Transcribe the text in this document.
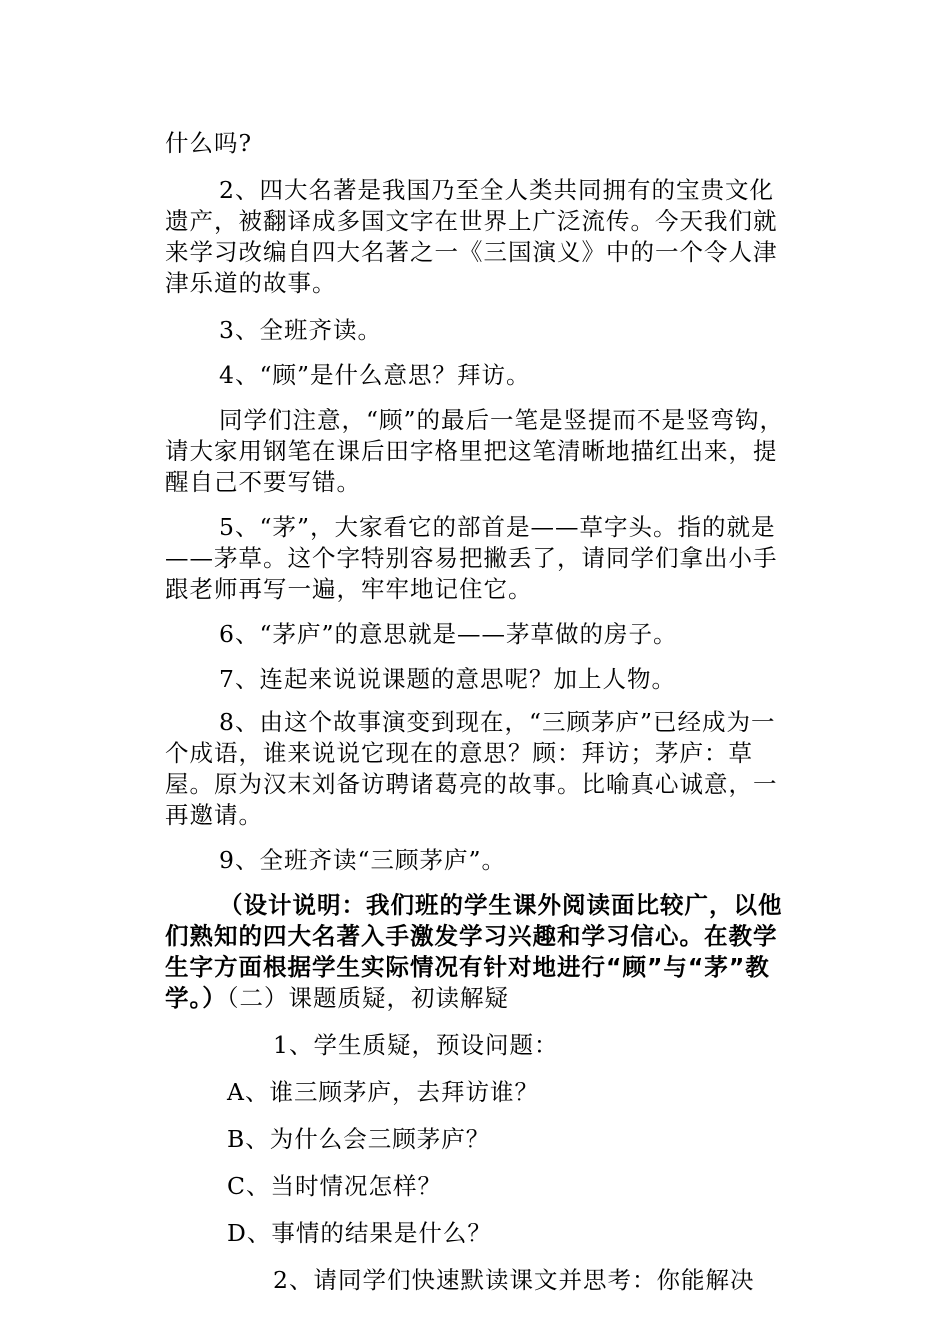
什么吗?

2、四大名著是我国乃至全人类共同拥有的宝贵文化遗产，被翻译成多国文字在世界上广泛流传。今天我们就来学习改编自四大名著之一《三国演义》中的一个令人津津乐道的故事。

3、全班齐读。

4、“顾”是什么意思？拜访。

同学们注意，“顾”的最后一笔是竖提而不是竖弯钩，请大家用钢笔在课后田字格里把这笔清晰地描红出来，提醒自己不要写错。

5、“茅”，大家看它的部首是——草字头。指的就是——茅草。这个字特别容易把撇丢了，请同学们拿出小手跟老师再写一遍，牢牢地记住它。

6、“茅庐”的意思就是——茅草做的房子。

7、连起来说说课题的意思呢？加上人物。

8、由这个故事演变到现在，“三顾茅庐”已经成为一个成语，谁来说说它现在的意思？顾：拜访；茅庐：草屋。原为汉末刘备访聘诸葛亮的故事。比喻真心诚意，一再邀请。

9、全班齐读“三顾茅庐”。

（设计说明：我们班的学生课外阅读面比较广，以他们熟知的四大名著入手激发学习兴趣和学习信心。在教学生字方面根据学生实际情况有针对地进行“顾”与“茅”教学。）（二）课题质疑，初读解疑

1、学生质疑，预设问题：

A、谁三顾茅庐，去拜访谁？

B、为什么会三顾茅庐？

C、当时情况怎样？

D、事情的结果是什么？

2、请同学们快速默读课文并思考：你能解决
